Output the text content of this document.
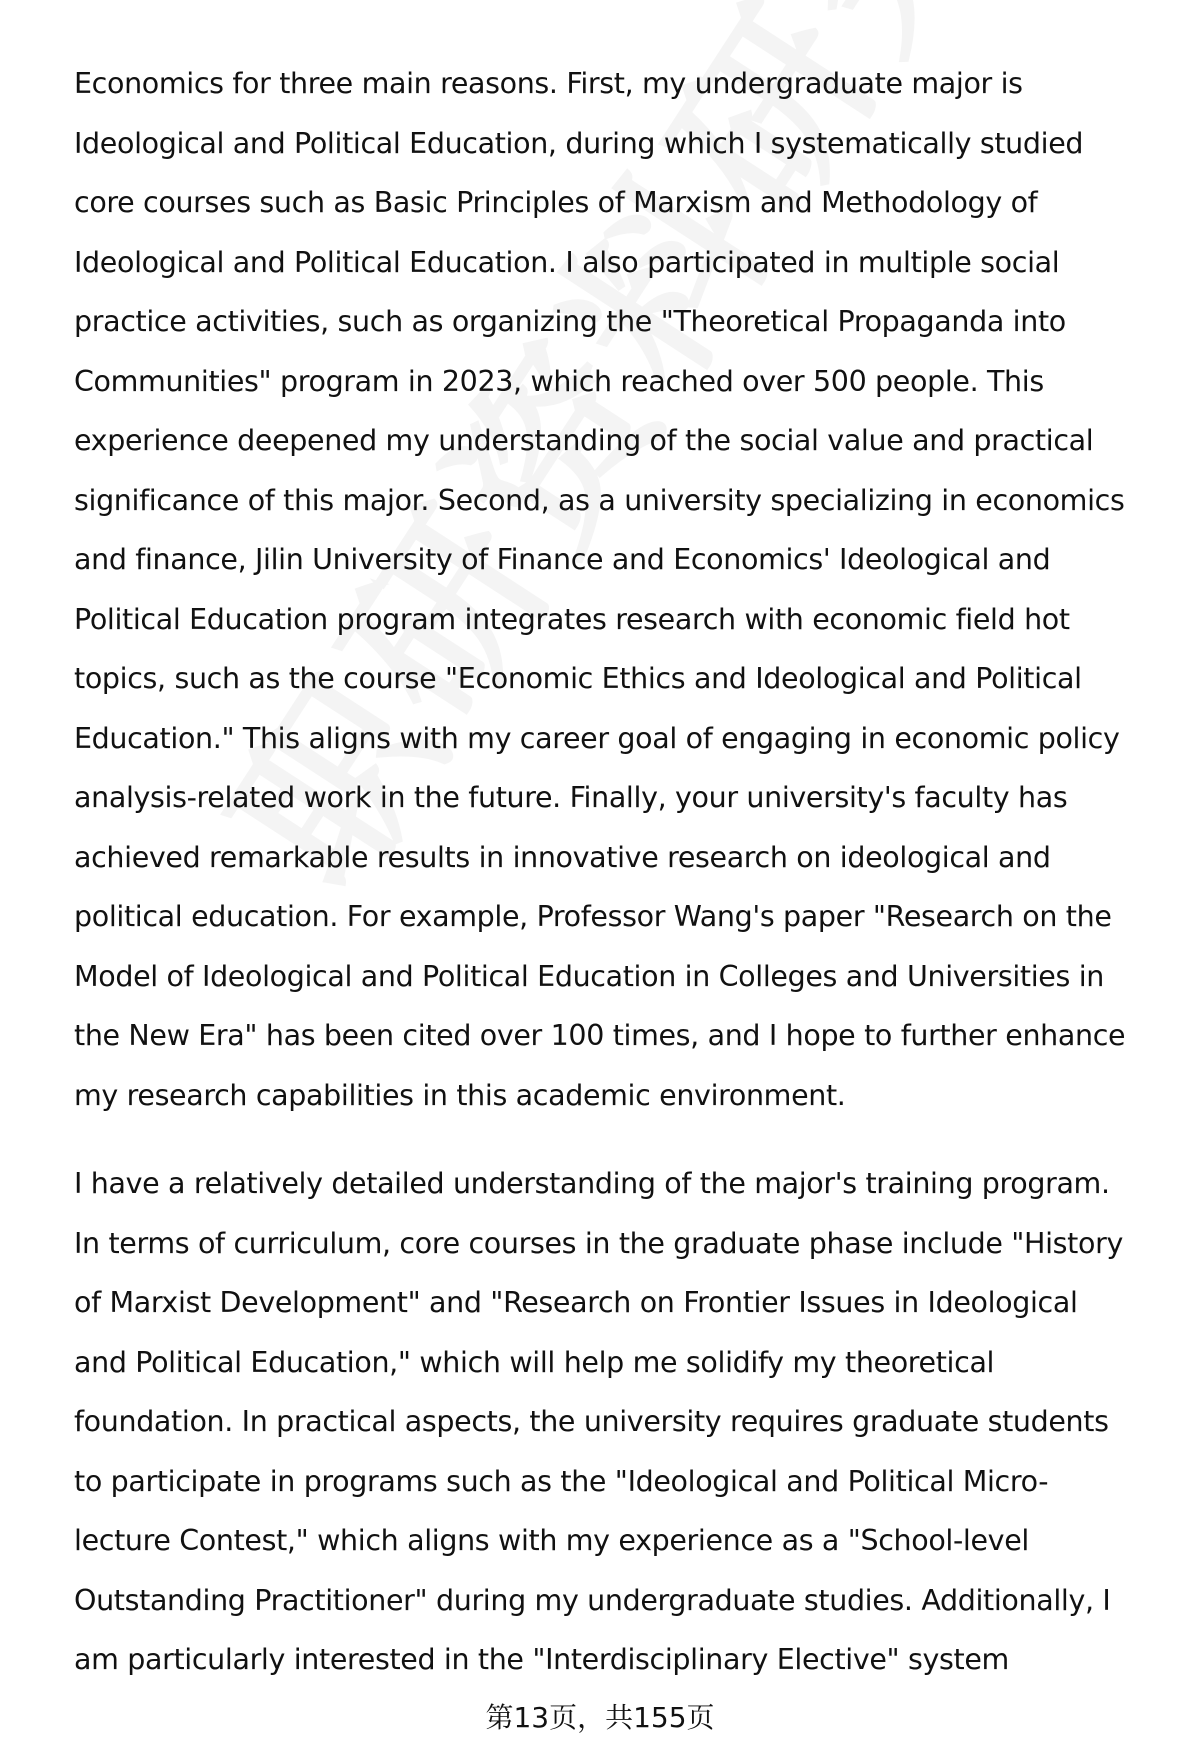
Economics for three main reasons. First, my undergraduate major is
Ideological and Political Education, during which I systematically studied
core courses such as Basic Principles of Marxism and Methodology of
Ideological and Political Education. I also participated in multiple social
practice activities, such as organizing the "Theoretical Propaganda into
Communities" program in 2023, which reached over 500 people. This
experience deepened my understanding of the social value and practical
significance of this major. Second, as a university specializing in economics
and finance, Jilin University of Finance and Economics' Ideological and
Political Education program integrates research with economic field hot
topics, such as the course "Economic Ethics and Ideological and Political
Education." This aligns with my career goal of engaging in economic policy
analysis-related work in the future. Finally, your university's faculty has
achieved remarkable results in innovative research on ideological and
political education. For example, Professor Wang's paper "Research on the
Model of Ideological and Political Education in Colleges and Universities in
the New Era" has been cited over 100 times, and I hope to further enhance
my research capabilities in this academic environment.
I have a relatively detailed understanding of the major's training program.
In terms of curriculum, core courses in the graduate phase include "History
of Marxist Development" and "Research on Frontier Issues in Ideological
and Political Education," which will help me solidify my theoretical
foundation. In practical aspects, the university requires graduate students
to participate in programs such as the "Ideological and Political Micro-
lecture Contest," which aligns with my experience as a "School-level
Outstanding Practitioner" during my undergraduate studies. Additionally, I
am particularly interested in the "Interdisciplinary Elective" system
第13页，共155页
